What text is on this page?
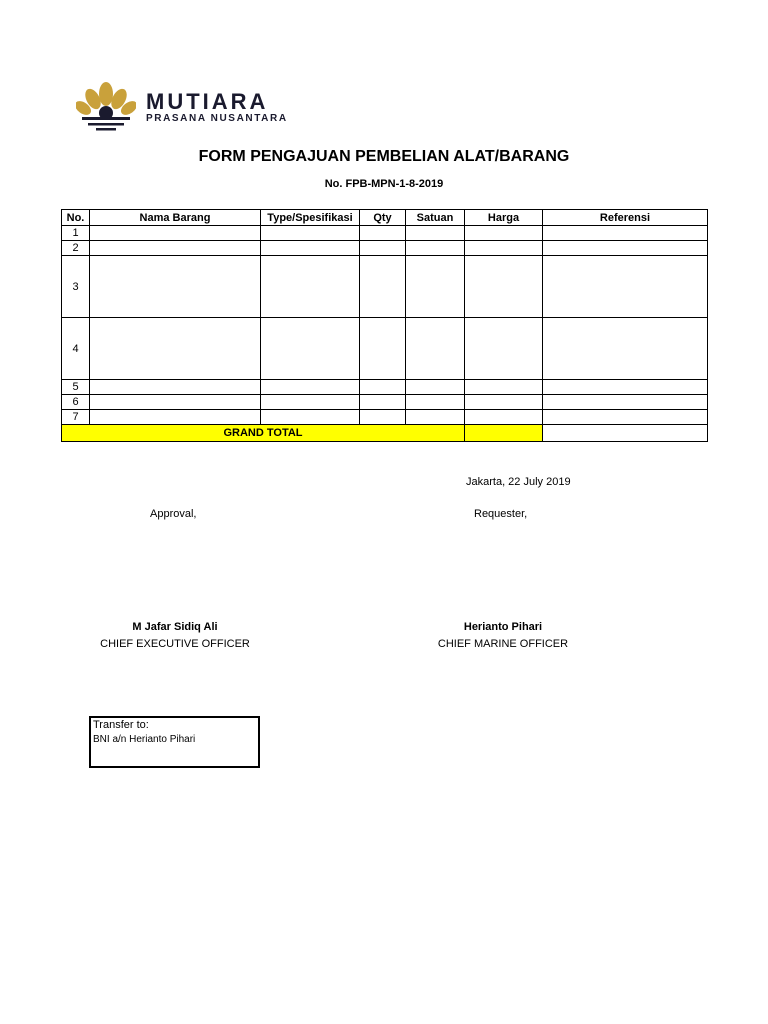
MUTIARA
PRASANA NUSANTARA
FORM PENGAJUAN PEMBELIAN ALAT/BARANG
No. FPB-MPN-1-8-2019
No.	Nama Barang	Type/Spesifikasi	Qty	Satuan	Harga	Referensi
1						
2						
3						
4						
5						
6						
7						
GRAND TOTAL						
Jakarta, 22 July 2019
Approval,	Requester,
M Jafar Sidiq Ali
CHIEF EXECUTIVE OFFICER
Herianto Pihari
CHIEF MARINE OFFICER
Transfer to:
BNI a/n Herianto Pihari
